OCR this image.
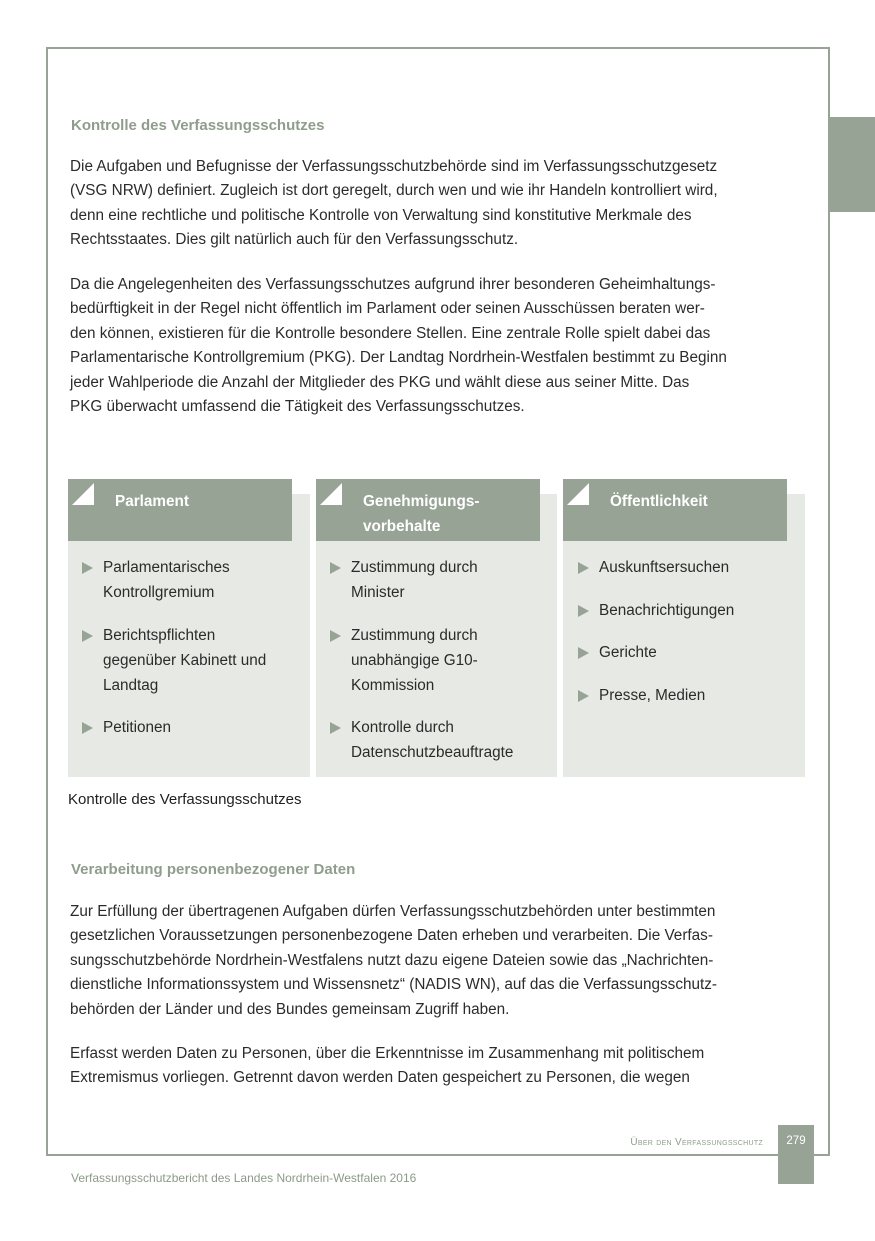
Kontrolle des Verfassungsschutzes
Die Aufgaben und Befugnisse der Verfassungsschutzbehörde sind im Verfassungsschutzgesetz
(VSG NRW) definiert. Zugleich ist dort geregelt, durch wen und wie ihr Handeln kontrolliert wird,
denn eine rechtliche und politische Kontrolle von Verwaltung sind konstitutive Merkmale des
Rechtsstaates. Dies gilt natürlich auch für den Verfassungsschutz.
Da die Angelegenheiten des Verfassungsschutzes aufgrund ihrer besonderen Geheimhaltungs-
bedürftigkeit in der Regel nicht öffentlich im Parlament oder seinen Ausschüssen beraten wer-
den können, existieren für die Kontrolle besondere Stellen. Eine zentrale Rolle spielt dabei das
Parlamentarische Kontrollgremium (PKG). Der Landtag Nordrhein-Westfalen bestimmt zu Beginn
jeder Wahlperiode die Anzahl der Mitglieder des PKG und wählt diese aus seiner Mitte. Das
PKG überwacht umfassend die Tätigkeit des Verfassungsschutzes.
Parlament
Parlamentarisches
Kontrollgremium
Berichtspflichten
gegenüber Kabinett und
Landtag
Petitionen
Genehmigungs-
vorbehalte
Zustimmung durch
Minister
Zustimmung durch
unabhängige G10-
Kommission
Kontrolle durch
Datenschutzbeauftragte
Öffentlichkeit
Auskunftsersuchen
Benachrichtigungen
Gerichte
Presse, Medien
Kontrolle des Verfassungsschutzes
Verarbeitung personenbezogener Daten
Zur Erfüllung der übertragenen Aufgaben dürfen Verfassungsschutzbehörden unter bestimmten
gesetzlichen Voraussetzungen personenbezogene Daten erheben und verarbeiten. Die Verfas-
sungsschutzbehörde Nordrhein-Westfalens nutzt dazu eigene Dateien sowie das „Nachrichten-
dienstliche Informationssystem und Wissensnetz“ (NADIS WN), auf das die Verfassungsschutz-
behörden der Länder und des Bundes gemeinsam Zugriff haben.
Erfasst werden Daten zu Personen, über die Erkenntnisse im Zusammenhang mit politischem
Extremismus vorliegen. Getrennt davon werden Daten gespeichert zu Personen, die wegen
Über den Verfassungsschutz	279
Verfassungsschutzbericht des Landes Nordrhein-Westfalen 2016
